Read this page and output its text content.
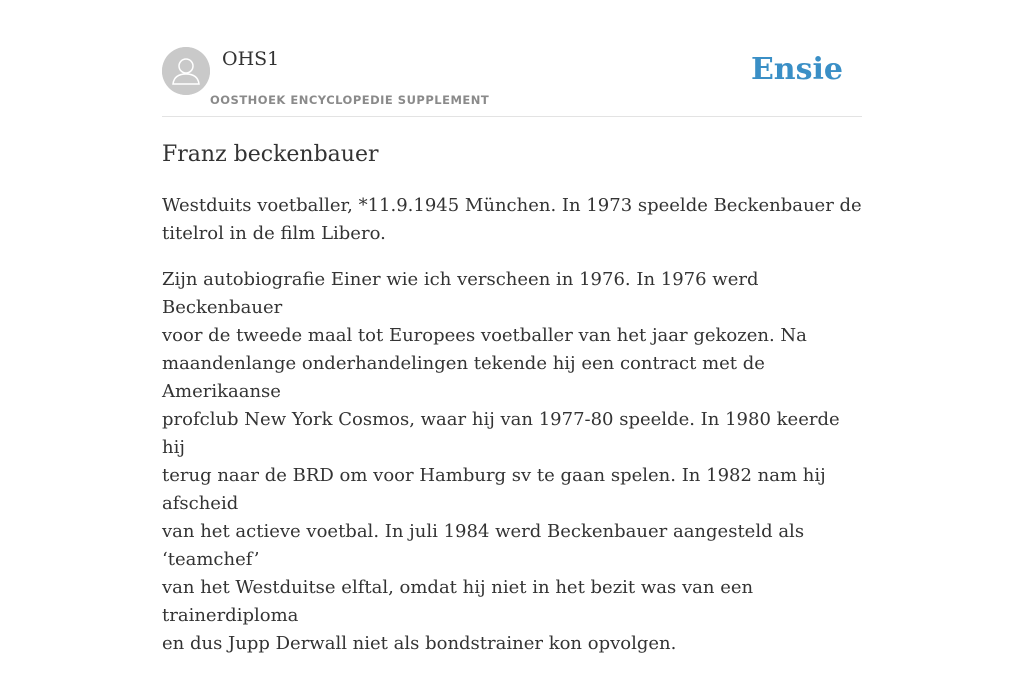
OHS1
OOSTHOEK ENCYCLOPEDIE SUPPLEMENT
Ensie
Franz beckenbauer

Westduits voetballer, *11.9.1945 München. In 1973 speelde Beckenbauer de
titelrol in de film Libero.

Zijn autobiografie Einer wie ich verscheen in 1976. In 1976 werd Beckenbauer
voor de tweede maal tot Europees voetballer van het jaar gekozen. Na
maandenlange onderhandelingen tekende hij een contract met de Amerikaanse
profclub New York Cosmos, waar hij van 1977-80 speelde. In 1980 keerde hij
terug naar de BRD om voor Hamburg sv te gaan spelen. In 1982 nam hij afscheid
van het actieve voetbal. In juli 1984 werd Beckenbauer aangesteld als ‘teamchef’
van het Westduitse elftal, omdat hij niet in het bezit was van een trainerdiploma
en dus Jupp Derwall niet als bondstrainer kon opvolgen.
